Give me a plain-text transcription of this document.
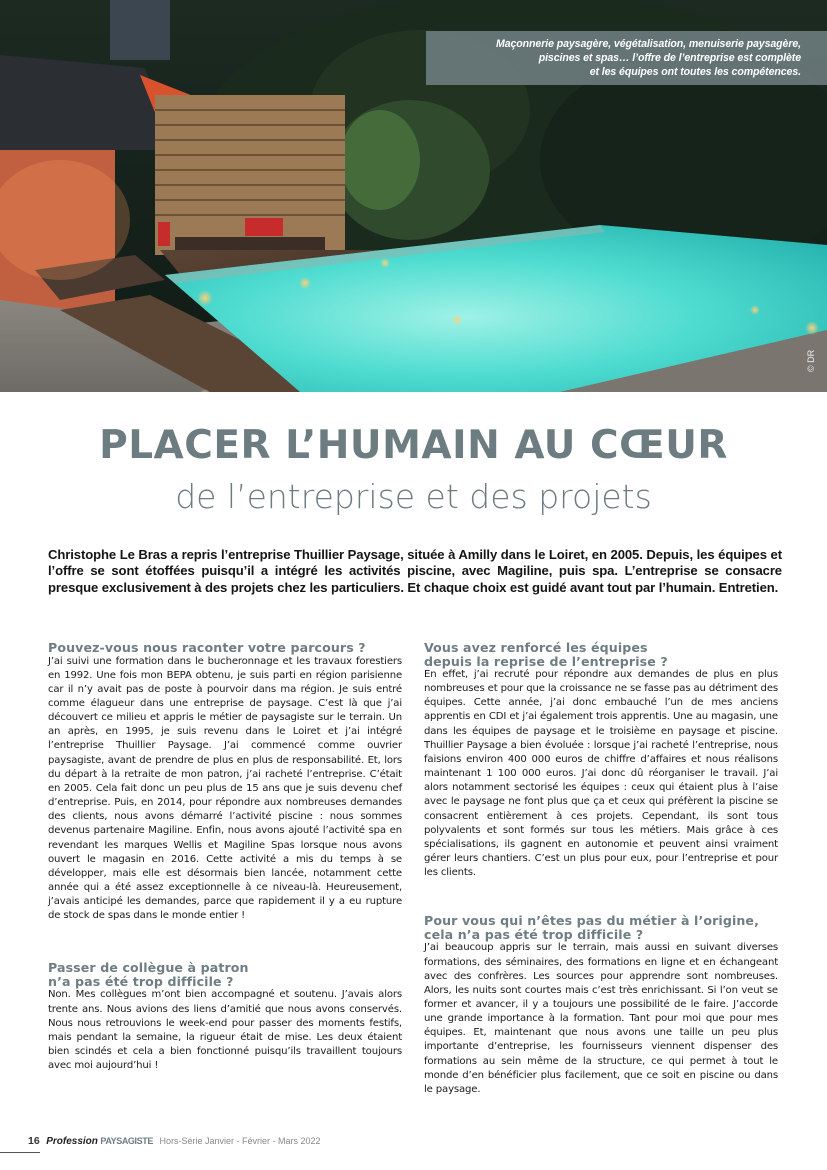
Maçonnerie paysagère, végétalisation, menuiserie paysagère,
piscines et spas… l’offre de l’entreprise est complète
et les équipes ont toutes les compétences.

© DR
PLACER L’HUMAIN AU CŒUR
de l’entreprise et des projets

Christophe Le Bras a repris l’entreprise Thuillier Paysage, située à Amilly dans le Loiret, en 2005. Depuis, les équipes et l’offre se sont étoffées puisqu’il a intégré les activités piscine, avec Magiline, puis spa. L’entreprise se consacre presque exclusivement à des projets chez les particuliers. Et chaque choix est guidé avant tout par l’humain. Entretien.

Pouvez-vous nous raconter votre parcours ?

J’ai suivi une formation dans le bucheronnage et les travaux forestiers en 1992. Une fois mon BEPA obtenu, je suis parti en région parisienne car il n’y avait pas de poste à pourvoir dans ma région. Je suis entré comme élagueur dans une entreprise de paysage. C’est là que j’ai découvert ce milieu et appris le métier de paysagiste sur le terrain. Un an après, en 1995, je suis revenu dans le Loiret et j’ai intégré l’entreprise Thuillier Paysage. J’ai commencé comme ouvrier paysagiste, avant de prendre de plus en plus de responsabilité. Et, lors du départ à la retraite de mon patron, j’ai racheté l’entreprise. C’était en 2005. Cela fait donc un peu plus de 15 ans que je suis devenu chef d’entreprise. Puis, en 2014, pour répondre aux nombreuses demandes des clients, nous avons démarré l’activité piscine : nous sommes devenus partenaire Magiline. Enfin, nous avons ajouté l’activité spa en revendant les marques Wellis et Magiline Spas lorsque nous avons ouvert le magasin en 2016. Cette activité a mis du temps à se développer, mais elle est désormais bien lancée, notamment cette année qui a été assez exceptionnelle à ce niveau-là. Heureusement, j’avais anticipé les demandes, parce que rapidement il y a eu rupture de stock de spas dans le monde entier !

Passer de collègue à patron
n’a pas été trop difficile ?

Non. Mes collègues m’ont bien accompagné et soutenu. J’avais alors trente ans. Nous avions des liens d’amitié que nous avons conservés. Nous nous retrouvions le week-end pour passer des moments festifs, mais pendant la semaine, la rigueur était de mise. Les deux étaient bien scindés et cela a bien fonctionné puisqu’ils travaillent toujours avec moi aujourd’hui !

Vous avez renforcé les équipes
depuis la reprise de l’entreprise ?

En effet, j’ai recruté pour répondre aux demandes de plus en plus nombreuses et pour que la croissance ne se fasse pas au détriment des équipes. Cette année, j’ai donc embauché l’un de mes anciens apprentis en CDI et j’ai également trois apprentis. Une au magasin, une dans les équipes de paysage et le troisième en paysage et piscine. Thuillier Paysage a bien évoluée : lorsque j’ai racheté l’entreprise, nous faisions environ 400 000 euros de chiffre d’affaires et nous réalisons maintenant 1 100 000 euros. J’ai donc dû réorganiser le travail. J’ai alors notamment sectorisé les équipes : ceux qui étaient plus à l’aise avec le paysage ne font plus que ça et ceux qui préfèrent la piscine se consacrent entièrement à ces projets. Cependant, ils sont tous polyvalents et sont formés sur tous les métiers. Mais grâce à ces spécialisations, ils gagnent en autonomie et peuvent ainsi vraiment gérer leurs chantiers. C’est un plus pour eux, pour l’entreprise et pour les clients.

Pour vous qui n’êtes pas du métier à l’origine,
cela n’a pas été trop difficile ?

J’ai beaucoup appris sur le terrain, mais aussi en suivant diverses formations, des séminaires, des formations en ligne et en échangeant avec des confrères. Les sources pour apprendre sont nombreuses. Alors, les nuits sont courtes mais c’est très enrichissant. Si l’on veut se former et avancer, il y a toujours une possibilité de le faire. J’accorde une grande importance à la formation. Tant pour moi que pour mes équipes. Et, maintenant que nous avons une taille un peu plus importante d’entreprise, les fournisseurs viennent dispenser des formations au sein même de la structure, ce qui permet à tout le monde d’en bénéficier plus facilement, que ce soit en piscine ou dans le paysage.

16 Profession PAYSAGISTE Hors-Série Janvier - Février - Mars 2022
